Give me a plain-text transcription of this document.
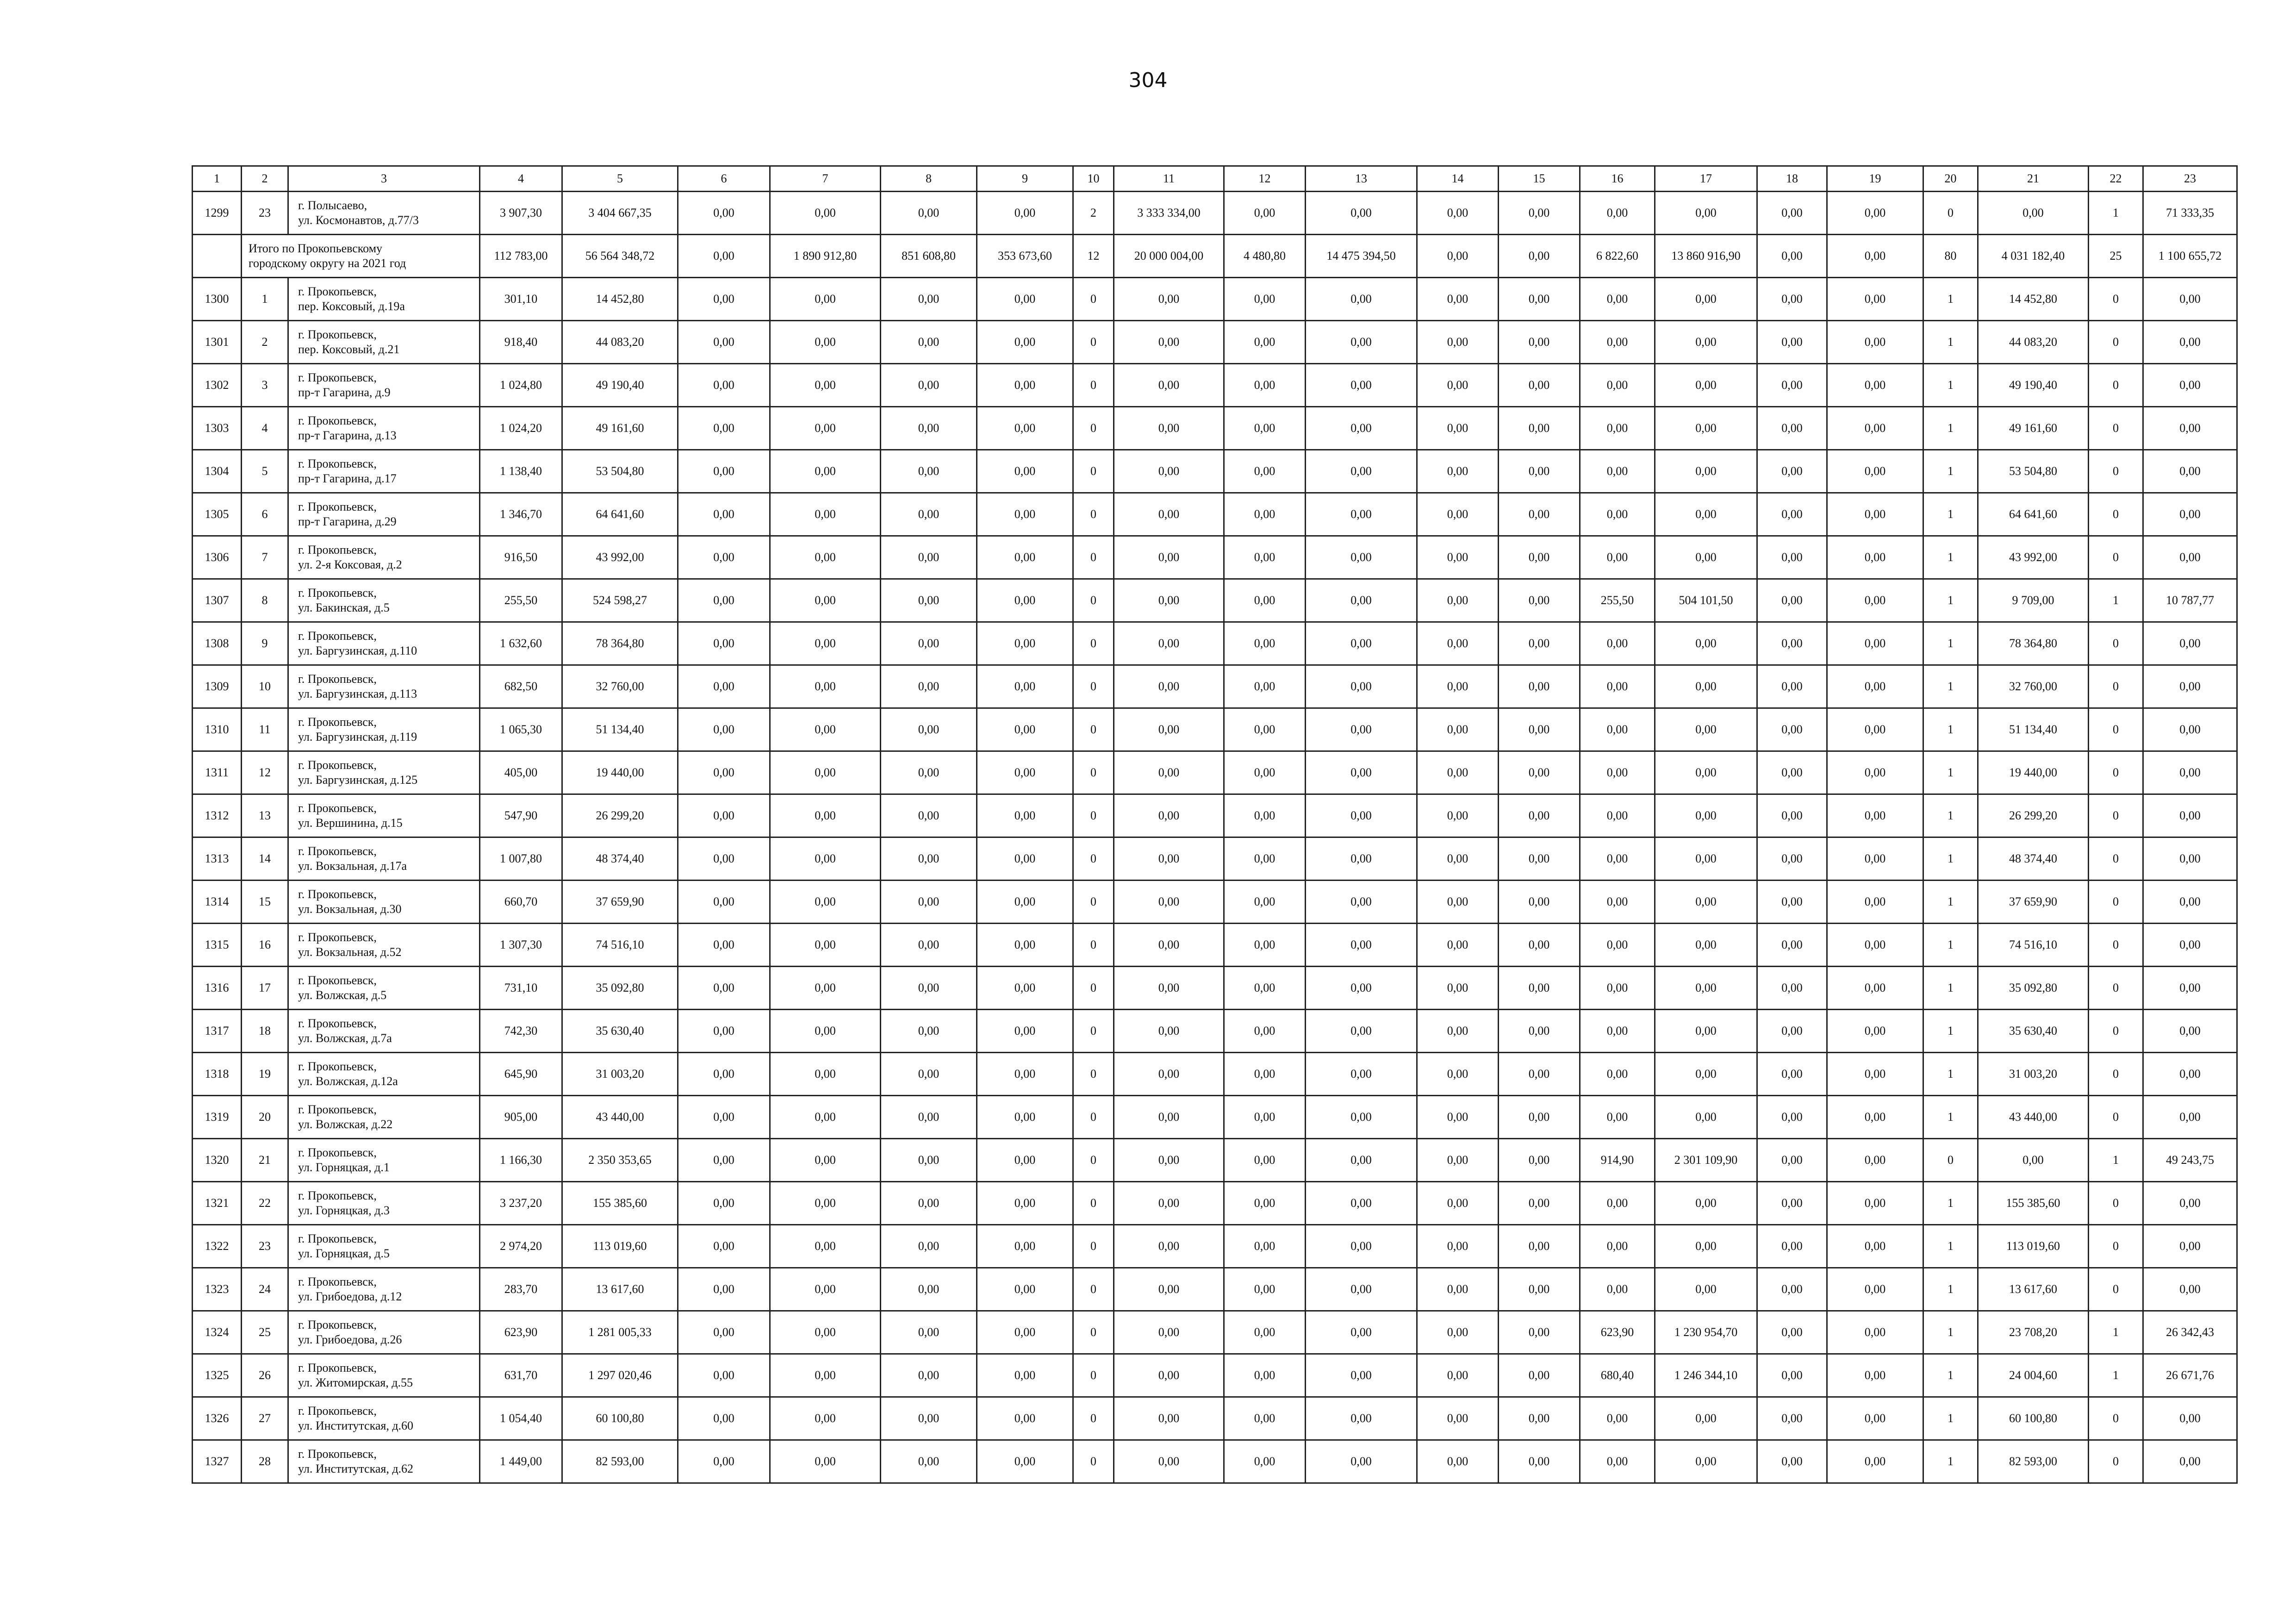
304
1	2	3	4	5	6	7	8	9	10	11	12	13	14	15	16	17	18	19	20	21	22	23
1299	23	г. Полысаево,
ул. Космонавтов, д.77/3	3 907,30	3 404 667,35	0,00	0,00	0,00	0,00	2	3 333 334,00	0,00	0,00	0,00	0,00	0,00	0,00	0,00	0,00	0	0,00	1	71 333,35

	Итого по Прокопьевскому
городскому округу на 2021 год		112 783,00	56 564 348,72	0,00	1 890 912,80	851 608,80	353 673,60	12	20 000 004,00	4 480,80	14 475 394,50	0,00	0,00	6 822,60	13 860 916,90	0,00	0,00	80	4 031 182,40	25	1 100 655,72
1300	1	г. Прокопьевск,
пер. Коксовый, д.19а	301,10	14 452,80	0,00	0,00	0,00	0,00	0	0,00	0,00	0,00	0,00	0,00	0,00	0,00	0,00	0,00	1	14 452,80	0	0,00
1301	2	г. Прокопьевск,
пер. Коксовый, д.21	918,40	44 083,20	0,00	0,00	0,00	0,00	0	0,00	0,00	0,00	0,00	0,00	0,00	0,00	0,00	0,00	1	44 083,20	0	0,00
1302	3	г. Прокопьевск,
пр-т Гагарина, д.9	1 024,80	49 190,40	0,00	0,00	0,00	0,00	0	0,00	0,00	0,00	0,00	0,00	0,00	0,00	0,00	0,00	1	49 190,40	0	0,00
1303	4	г. Прокопьевск,
пр-т Гагарина, д.13	1 024,20	49 161,60	0,00	0,00	0,00	0,00	0	0,00	0,00	0,00	0,00	0,00	0,00	0,00	0,00	0,00	1	49 161,60	0	0,00
1304	5	г. Прокопьевск,
пр-т Гагарина, д.17	1 138,40	53 504,80	0,00	0,00	0,00	0,00	0	0,00	0,00	0,00	0,00	0,00	0,00	0,00	0,00	0,00	1	53 504,80	0	0,00
1305	6	г. Прокопьевск,
пр-т Гагарина, д.29	1 346,70	64 641,60	0,00	0,00	0,00	0,00	0	0,00	0,00	0,00	0,00	0,00	0,00	0,00	0,00	0,00	1	64 641,60	0	0,00
1306	7	г. Прокопьевск,
ул. 2-я Коксовая, д.2	916,50	43 992,00	0,00	0,00	0,00	0,00	0	0,00	0,00	0,00	0,00	0,00	0,00	0,00	0,00	0,00	1	43 992,00	0	0,00
1307	8	г. Прокопьевск,
ул. Бакинская, д.5	255,50	524 598,27	0,00	0,00	0,00	0,00	0	0,00	0,00	0,00	0,00	0,00	255,50	504 101,50	0,00	0,00	1	9 709,00	1	10 787,77
1308	9	г. Прокопьевск,
ул. Баргузинская, д.110	1 632,60	78 364,80	0,00	0,00	0,00	0,00	0	0,00	0,00	0,00	0,00	0,00	0,00	0,00	0,00	0,00	1	78 364,80	0	0,00
1309	10	г. Прокопьевск,
ул. Баргузинская, д.113	682,50	32 760,00	0,00	0,00	0,00	0,00	0	0,00	0,00	0,00	0,00	0,00	0,00	0,00	0,00	0,00	1	32 760,00	0	0,00
1310	11	г. Прокопьевск,
ул. Баргузинская, д.119	1 065,30	51 134,40	0,00	0,00	0,00	0,00	0	0,00	0,00	0,00	0,00	0,00	0,00	0,00	0,00	0,00	1	51 134,40	0	0,00
1311	12	г. Прокопьевск,
ул. Баргузинская, д.125	405,00	19 440,00	0,00	0,00	0,00	0,00	0	0,00	0,00	0,00	0,00	0,00	0,00	0,00	0,00	0,00	1	19 440,00	0	0,00
1312	13	г. Прокопьевск,
ул. Вершинина, д.15	547,90	26 299,20	0,00	0,00	0,00	0,00	0	0,00	0,00	0,00	0,00	0,00	0,00	0,00	0,00	0,00	1	26 299,20	0	0,00
1313	14	г. Прокопьевск,
ул. Вокзальная, д.17а	1 007,80	48 374,40	0,00	0,00	0,00	0,00	0	0,00	0,00	0,00	0,00	0,00	0,00	0,00	0,00	0,00	1	48 374,40	0	0,00
1314	15	г. Прокопьевск,
ул. Вокзальная, д.30	660,70	37 659,90	0,00	0,00	0,00	0,00	0	0,00	0,00	0,00	0,00	0,00	0,00	0,00	0,00	0,00	1	37 659,90	0	0,00
1315	16	г. Прокопьевск,
ул. Вокзальная, д.52	1 307,30	74 516,10	0,00	0,00	0,00	0,00	0	0,00	0,00	0,00	0,00	0,00	0,00	0,00	0,00	0,00	1	74 516,10	0	0,00
1316	17	г. Прокопьевск,
ул. Волжская, д.5	731,10	35 092,80	0,00	0,00	0,00	0,00	0	0,00	0,00	0,00	0,00	0,00	0,00	0,00	0,00	0,00	1	35 092,80	0	0,00
1317	18	г. Прокопьевск,
ул. Волжская, д.7а	742,30	35 630,40	0,00	0,00	0,00	0,00	0	0,00	0,00	0,00	0,00	0,00	0,00	0,00	0,00	0,00	1	35 630,40	0	0,00
1318	19	г. Прокопьевск,
ул. Волжская, д.12а	645,90	31 003,20	0,00	0,00	0,00	0,00	0	0,00	0,00	0,00	0,00	0,00	0,00	0,00	0,00	0,00	1	31 003,20	0	0,00
1319	20	г. Прокопьевск,
ул. Волжская, д.22	905,00	43 440,00	0,00	0,00	0,00	0,00	0	0,00	0,00	0,00	0,00	0,00	0,00	0,00	0,00	0,00	1	43 440,00	0	0,00
1320	21	г. Прокопьевск,
ул. Горняцкая, д.1	1 166,30	2 350 353,65	0,00	0,00	0,00	0,00	0	0,00	0,00	0,00	0,00	0,00	914,90	2 301 109,90	0,00	0,00	0	0,00	1	49 243,75
1321	22	г. Прокопьевск,
ул. Горняцкая, д.3	3 237,20	155 385,60	0,00	0,00	0,00	0,00	0	0,00	0,00	0,00	0,00	0,00	0,00	0,00	0,00	0,00	1	155 385,60	0	0,00
1322	23	г. Прокопьевск,
ул. Горняцкая, д.5	2 974,20	113 019,60	0,00	0,00	0,00	0,00	0	0,00	0,00	0,00	0,00	0,00	0,00	0,00	0,00	0,00	1	113 019,60	0	0,00
1323	24	г. Прокопьевск,
ул. Грибоедова, д.12	283,70	13 617,60	0,00	0,00	0,00	0,00	0	0,00	0,00	0,00	0,00	0,00	0,00	0,00	0,00	0,00	1	13 617,60	0	0,00
1324	25	г. Прокопьевск,
ул. Грибоедова, д.26	623,90	1 281 005,33	0,00	0,00	0,00	0,00	0	0,00	0,00	0,00	0,00	0,00	623,90	1 230 954,70	0,00	0,00	1	23 708,20	1	26 342,43
1325	26	г. Прокопьевск,
ул. Житомирская, д.55	631,70	1 297 020,46	0,00	0,00	0,00	0,00	0	0,00	0,00	0,00	0,00	0,00	680,40	1 246 344,10	0,00	0,00	1	24 004,60	1	26 671,76
1326	27	г. Прокопьевск,
ул. Институтская, д.60	1 054,40	60 100,80	0,00	0,00	0,00	0,00	0	0,00	0,00	0,00	0,00	0,00	0,00	0,00	0,00	0,00	1	60 100,80	0	0,00
1327	28	г. Прокопьевск,
ул. Институтская, д.62	1 449,00	82 593,00	0,00	0,00	0,00	0,00	0	0,00	0,00	0,00	0,00	0,00	0,00	0,00	0,00	0,00	1	82 593,00	0	0,00
